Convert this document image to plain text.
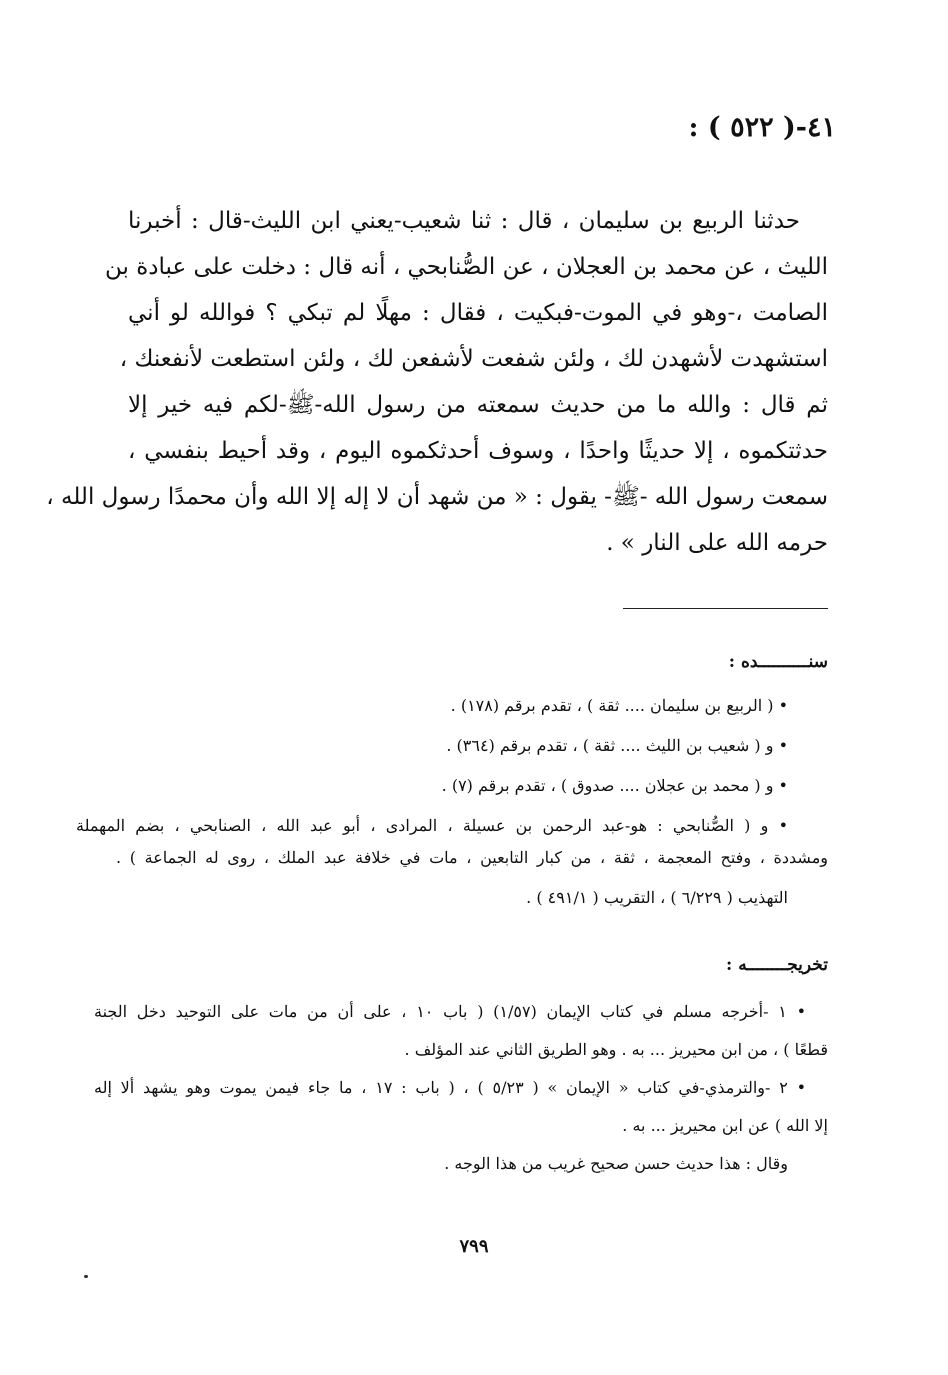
٤١-( ٥٢٢ ) :
حدثنا الربيع بن سليمان ، قال : ثنا شعيب-يعني ابن الليث-قال : أخبرنا
الليث ، عن محمد بن العجلان ، عن الصُّنابحي ، أنه قال : دخلت على عبادة بن
الصامت ،-وهو في الموت-فبكيت ، فقال : مهلًا لم تبكي ؟ فوالله لو أني
استشهدت لأشهدن لك ، ولئن شفعت لأشفعن لك ، ولئن استطعت لأنفعنك ،
ثم قال : والله ما من حديث سمعته من رسول الله-ﷺ-لكم فيه خير إلا
حدثتكموه ، إلا حديثًا واحدًا ، وسوف أحدثكموه اليوم ، وقد أحيط بنفسي ،
سمعت رسول الله -ﷺ- يقول : « من شهد أن لا إله إلا الله وأن محمدًا رسول الله ،
حرمه الله على النار » .
سنــــــــــده :
• ( الربيع بن سليمان .... ثقة ) ، تقدم برقم (١٧٨) .
• و ( شعيب بن الليث .... ثقة ) ، تقدم برقم (٣٦٤) .
• و ( محمد بن عجلان .... صدوق ) ، تقدم برقم (٧) .
• و ( الصُّنابحي : هو-عبد الرحمن بن عسيلة ، المرادى ، أبو عبد الله ، الصنابحي ، بضم المهملة
ومشددة ، وفتح المعجمة ، ثقة ، من كبار التابعين ، مات في خلافة عبد الملك ، روى له الجماعة ) .
التهذيب ( ٦/٢٢٩ ) ، التقريب ( ٤٩١/١ ) .
تخريجــــــــه :
• ١ -أخرجه مسلم في كتاب الإيمان (١/٥٧) ( باب ١٠ ، على أن من مات على التوحيد دخل الجنة
قطعًا ) ، من ابن محيريز ... به . وهو الطريق الثاني عند المؤلف .
• ٢ -والترمذي-في كتاب « الإيمان » ( ٥/٢٣ ) ، ( باب : ١٧ ، ما جاء فيمن يموت وهو يشهد ألا إله
إلا الله ) عن ابن محيريز ... به .
وقال : هذا حديث حسن صحيح غريب من هذا الوجه .
٧٩٩
